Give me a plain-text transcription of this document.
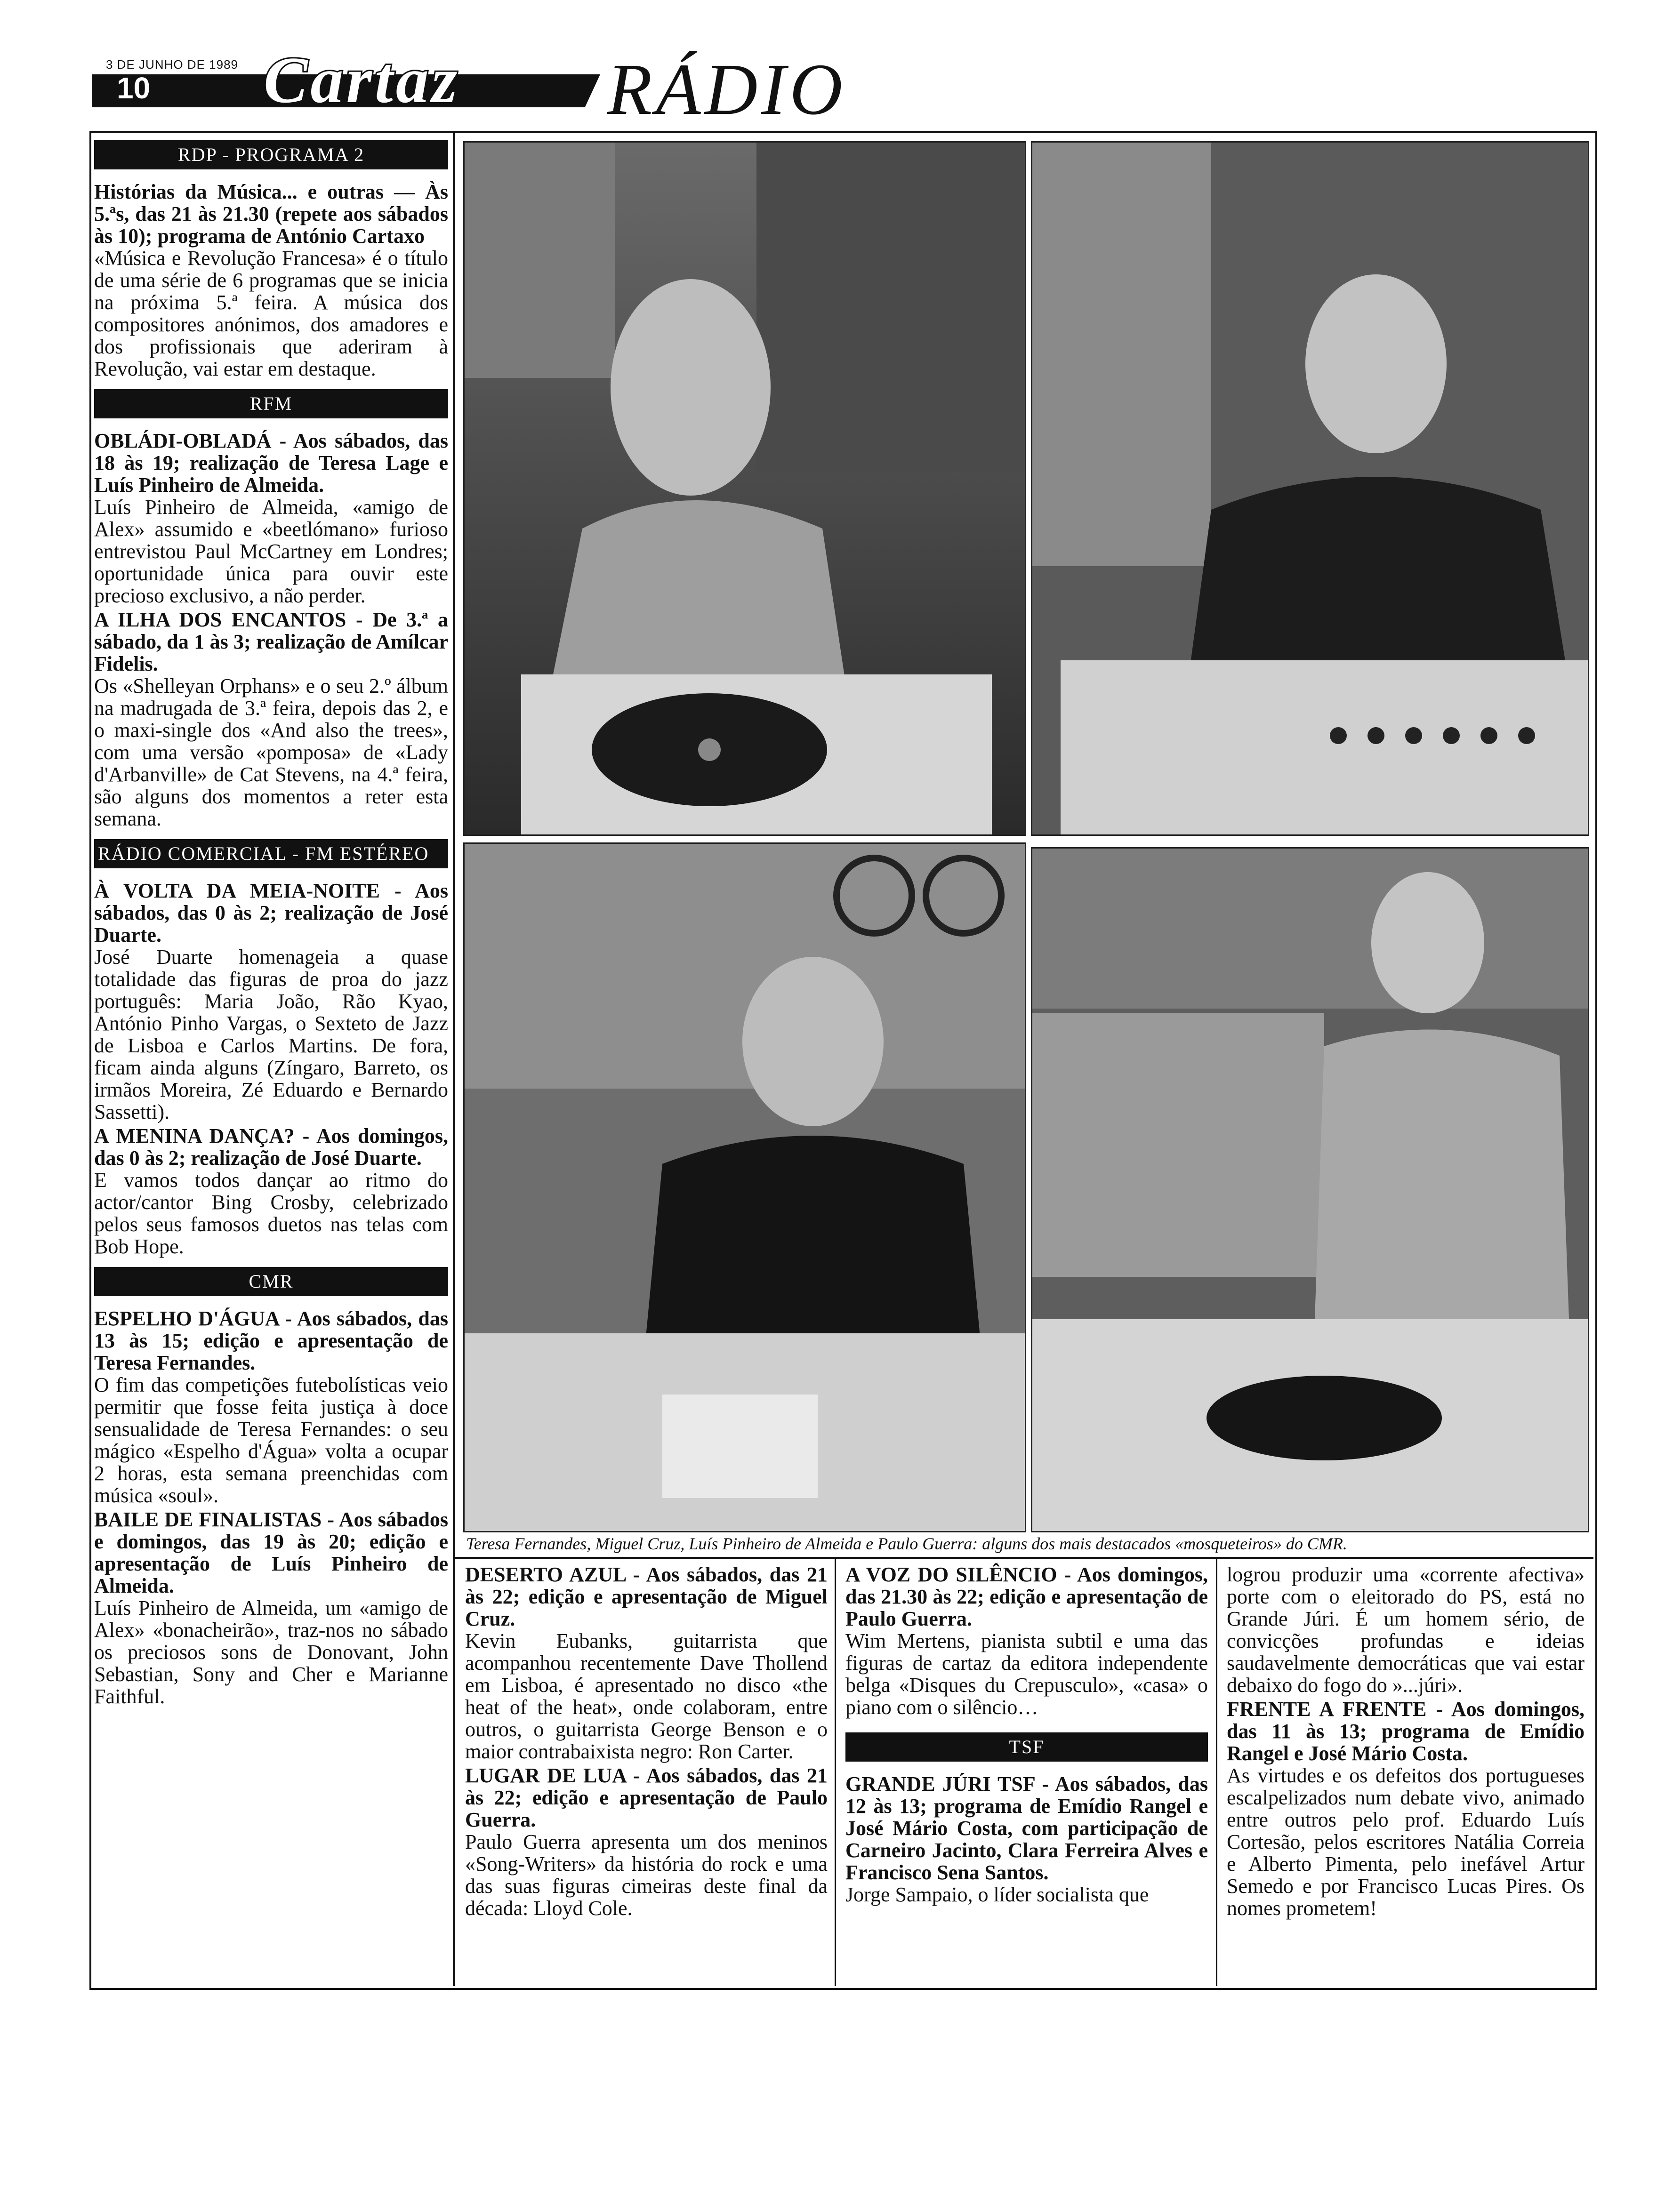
3 DE JUNHO DE 1989
10 Cartaz RÁDIO
RDP - PROGRAMA 2

Histórias da Música... e outras — Às 5.ªs, das 21 às 21.30 (repete aos sábados às 10); programa de António Cartaxo

«Música e Revolução Francesa» é o título de uma série de 6 programas que se inicia na próxima 5.ª feira. A música dos compositores anónimos, dos amadores e dos profissionais que aderiram à Revolução, vai estar em destaque.

RFM

OBLÁDI-OBLADÁ - Aos sábados, das 18 às 19; realização de Teresa Lage e Luís Pinheiro de Almeida.

Luís Pinheiro de Almeida, «amigo de Alex» assumido e «beetlómano» furioso entrevistou Paul McCartney em Londres; oportunidade única para ouvir este precioso exclusivo, a não perder.

A ILHA DOS ENCANTOS - De 3.ª a sábado, da 1 às 3; realização de Amílcar Fidelis.

Os «Shelleyan Orphans» e o seu 2.º álbum na madrugada de 3.ª feira, depois das 2, e o maxi-single dos «And also the trees», com uma versão «pomposa» de «Lady d'Arbanville» de Cat Stevens, na 4.ª feira, são alguns dos momentos a reter esta semana.

RÁDIO COMERCIAL - FM ESTÉREO

À VOLTA DA MEIA-NOITE - Aos sábados, das 0 às 2; realização de José Duarte.

José Duarte homenageia a quase totalidade das figuras de proa do jazz português: Maria João, Rão Kyao, António Pinho Vargas, o Sexteto de Jazz de Lisboa e Carlos Martins. De fora, ficam ainda alguns (Zíngaro, Barreto, os irmãos Moreira, Zé Eduardo e Bernardo Sassetti).

A MENINA DANÇA? - Aos domingos, das 0 às 2; realização de José Duarte.

E vamos todos dançar ao ritmo do actor/cantor Bing Crosby, celebrizado pelos seus famosos duetos nas telas com Bob Hope.

CMR

ESPELHO D'ÁGUA - Aos sábados, das 13 às 15; edição e apresentação de Teresa Fernandes.

O fim das competições futebolísticas veio permitir que fosse feita justiça à doce sensualidade de Teresa Fernandes: o seu mágico «Espelho d'Água» volta a ocupar 2 horas, esta semana preenchidas com música «soul».

BAILE DE FINALISTAS - Aos sábados e domingos, das 19 às 20; edição e apresentação de Luís Pinheiro de Almeida.

Luís Pinheiro de Almeida, um «amigo de Alex» «bonacheirão», traz-nos no sábado os preciosos sons de Donovant, John Sebastian, Sony and Cher e Marianne Faithful.

Teresa Fernandes, Miguel Cruz, Luís Pinheiro de Almeida e Paulo Guerra: alguns dos mais destacados «mosqueteiros» do CMR.

DESERTO AZUL - Aos sábados, das 21 às 22; edição e apresentação de Miguel Cruz.

Kevin Eubanks, guitarrista que acompanhou recentemente Dave Thollend em Lisboa, é apresentado no disco «the heat of the heat», onde colaboram, entre outros, o guitarrista George Benson e o maior contrabaixista negro: Ron Carter.

LUGAR DE LUA - Aos sábados, das 21 às 22; edição e apresentação de Paulo Guerra.

Paulo Guerra apresenta um dos meninos «Song-Writers» da história do rock e uma das suas figuras cimeiras deste final da década: Lloyd Cole.

A VOZ DO SILÊNCIO - Aos domingos, das 21.30 às 22; edição e apresentação de Paulo Guerra.

Wim Mertens, pianista subtil e uma das figuras de cartaz da editora independente belga «Disques du Crepusculo», «casa» o piano com o silêncio…

TSF

GRANDE JÚRI TSF - Aos sábados, das 12 às 13; programa de Emídio Rangel e José Mário Costa, com participação de Carneiro Jacinto, Clara Ferreira Alves e Francisco Sena Santos.

Jorge Sampaio, o líder socialista que

logrou produzir uma «corrente afectiva» porte com o eleitorado do PS, está no Grande Júri. É um homem sério, de convicções profundas e ideias saudavelmente democráticas que vai estar debaixo do fogo do »...júri».

FRENTE A FRENTE - Aos domingos, das 11 às 13; programa de Emídio Rangel e José Mário Costa.

As virtudes e os defeitos dos portugueses escalpelizados num debate vivo, animado entre outros pelo prof. Eduardo Luís Cortesão, pelos escritores Natália Correia e Alberto Pimenta, pelo inefável Artur Semedo e por Francisco Lucas Pires. Os nomes prometem!
